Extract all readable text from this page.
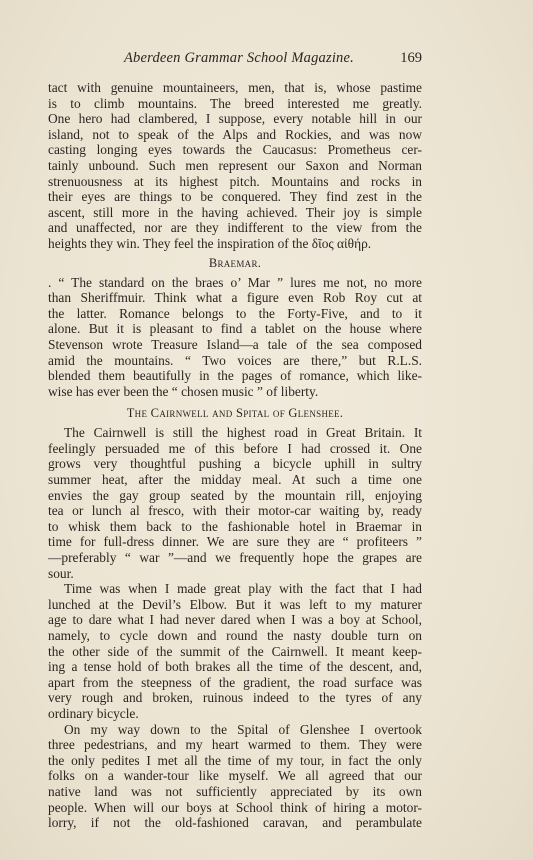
Aberdeen Grammar School Magazine.	169
tact with genuine mountaineers, men, that is, whose pastime
is to climb mountains. The breed interested me greatly.
One hero had clambered, I suppose, every notable hill in our
island, not to speak of the Alps and Rockies, and was now
casting longing eyes towards the Caucasus: Prometheus cer-
tainly unbound. Such men represent our Saxon and Norman
strenuousness at its highest pitch. Mountains and rocks in
their eyes are things to be conquered. They find zest in the
ascent, still more in the having achieved. Their joy is simple
and unaffected, nor are they indifferent to the view from the
heights they win. They feel the inspiration of the δῖος αἰθήρ.
Braemar.
. “ The standard on the braes o’ Mar ” lures me not, no more
than Sheriffmuir. Think what a figure even Rob Roy cut at
the latter. Romance belongs to the Forty-Five, and to it
alone. But it is pleasant to find a tablet on the house where
Stevenson wrote Treasure Island—a tale of the sea composed
amid the mountains. “ Two voices are there,” but R.L.S.
blended them beautifully in the pages of romance, which like-
wise has ever been the “ chosen music ” of liberty.
The Cairnwell and Spital of Glenshee.
The Cairnwell is still the highest road in Great Britain. It
feelingly persuaded me of this before I had crossed it. One
grows very thoughtful pushing a bicycle uphill in sultry
summer heat, after the midday meal. At such a time one
envies the gay group seated by the mountain rill, enjoying
tea or lunch al fresco, with their motor-car waiting by, ready
to whisk them back to the fashionable hotel in Braemar in
time for full-dress dinner. We are sure they are “ profiteers ”
—preferably “ war ”—and we frequently hope the grapes are
sour.
Time was when I made great play with the fact that I had
lunched at the Devil’s Elbow. But it was left to my maturer
age to dare what I had never dared when I was a boy at School,
namely, to cycle down and round the nasty double turn on
the other side of the summit of the Cairnwell. It meant keep-
ing a tense hold of both brakes all the time of the descent, and,
apart from the steepness of the gradient, the road surface was
very rough and broken, ruinous indeed to the tyres of any
ordinary bicycle.
On my way down to the Spital of Glenshee I overtook
three pedestrians, and my heart warmed to them. They were
the only pedites I met all the time of my tour, in fact the only
folks on a wander-tour like myself. We all agreed that our
native land was not sufficiently appreciated by its own
people. When will our boys at School think of hiring a motor-
lorry, if not the old-fashioned caravan, and perambulate
